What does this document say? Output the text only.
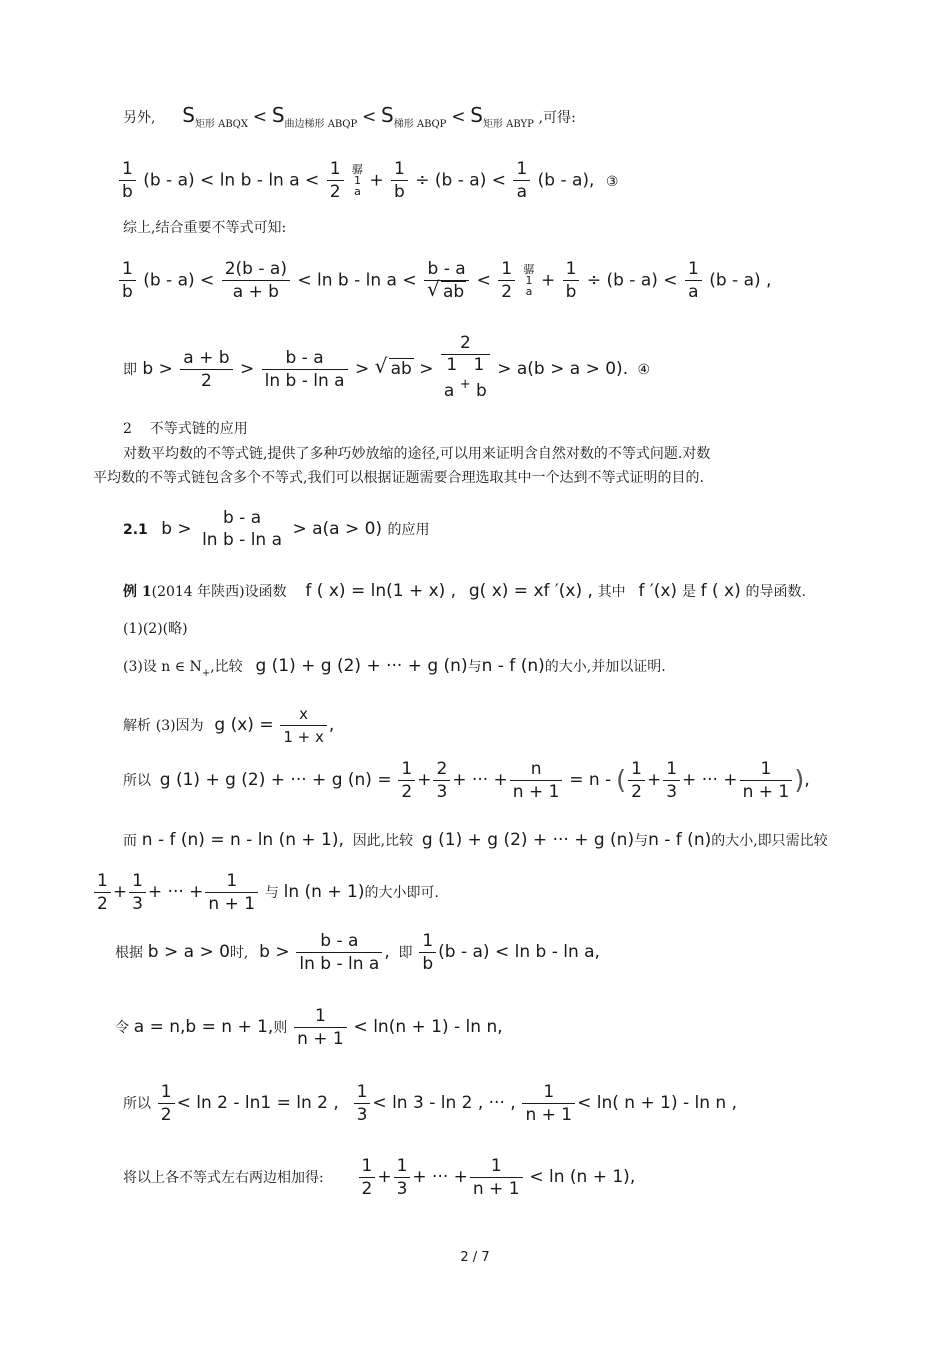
另外, $S_{矩形 ABQX} < S_{曲边梯形 ABQP} < S_{梯形 ABQP} < S_{矩形 ABYP}$ ,可得:
$\frac{1}{b} (b - a) < \ln b - \ln a < \frac{1}{2}$ 骣
1
$a + \frac{1}{b} \div (b - a) < \frac{1}{a} (b - a)$, ③
综上,结合重要不等式可知:
$\frac{1}{b} (b - a) < \frac{2(b - a)}{a + b} < \ln b - \ln a < b - a$
√ ab < $\frac{1}{2}$ 骣
1
$a + \frac{1}{b} \div (b - a) < \frac{1}{a} (b - a)$ ,
即 $b > \frac{a + b}{2} > \frac{b - a}{\text{ln b - ln a}}$ > √ ab >
2
1 1
a + b
> a(b > a > 0). ④
2 不等式链的应用
对数平均数的不等式链,提供了多种巧妙放缩的途径,可以用来证明含自然对数的不等式问题.对数
平均数的不等式链包含多个不等式,我们可以根据证题需要合理选取其中一个达到不等式证明的目的.
2.1 b >
b - a
ln b - ln a
> a(a > 0) 的应用
例 1(2014 年陕西)设函数 f ( x) = ln(1 + x) , g( x) = xf ′(x) , 其中 f ′(x) 是 f ( x) 的导函数.
(1)(2)(略)
(3)设 n ∈ $N_+$,比较 g (1) + g (2) + ··· + g (n)与n - f (n)的大小,并加以证明.
解析 (3)因为 g $(x) = \frac{x}{1 + x}$ ,
所以 g (1) + g (2) + ··· + g $(n) = \frac{1}{2} + \frac{2}{3}$ + ··· + $\frac{n}{n + 1} = n$ - ( $\frac{1}{2} + \frac{1}{3}$ + ··· + $\frac{1}{n + 1}$ ),
而 n - f (n) = n - ln (n + 1), 因此,比较 g (1) + g (2) + ··· + g (n)与n - f (n)的大小,即只需比较
$\frac{1}{2} + \frac{1}{3}$ + ··· + $\frac{1}{n + 1}$ 与 ln (n + 1)的大小即可.
根据 b > a > 0时, $b > \frac{b - a}{\text{ln b - ln a}}$ , 即 $\frac{1}{b} (b - a) < \ln b - \ln a$,
令 a = n,b = n + 1,则 $\frac{1}{n + 1} < \ln(n + 1) - \ln n$,
所以 $\frac{1}{2} < \ln 2 - \ln 1 = \ln 2$ , $\frac{1}{3} < \ln 3 - \ln 2$ , ··· , $\frac{1}{n + 1} < \ln$( n + 1) - ln n ,
将以上各不等式左右两边相加得: $\frac{1}{2} + \frac{1}{3}$ + ··· + $\frac{1}{n + 1} < \ln (n + 1)$,
2 / 7
